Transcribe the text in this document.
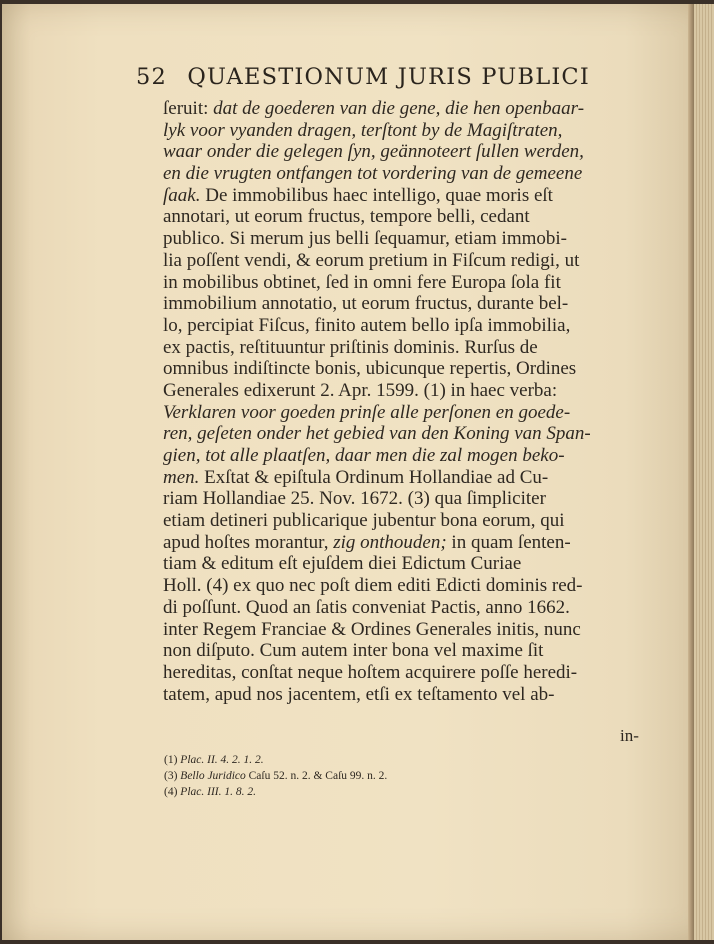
52 QUAESTIONUM JURIS PUBLICI
ſeruit: dat de goederen van die gene, die hen openbaar-
lyk voor vyanden dragen, terſtont by de Magiſtraten,
waar onder die gelegen ſyn, geännoteert ſullen werden,
en die vrugten ontfangen tot vordering van de gemeene
ſaak. De immobilibus haec intelligo, quae moris eſt
annotari, ut eorum fructus, tempore belli, cedant
publico. Si merum jus belli ſequamur, etiam immobi-
lia poſſent vendi, & eorum pretium in Fiſcum redigi, ut
in mobilibus obtinet, ſed in omni fere Europa ſola fit
immobilium annotatio, ut eorum fructus, durante bel-
lo, percipiat Fiſcus, finito autem bello ipſa immobilia,
ex pactis, reſtituuntur priſtinis dominis. Rurſus de
omnibus indiſtincte bonis, ubicunque repertis, Ordines
Generales edixerunt 2. Apr. 1599. (1) in haec verba:
Verklaren voor goeden prinſe alle perſonen en goede-
ren, geſeten onder het gebied van den Koning van Span-
gien, tot alle plaatſen, daar men die zal mogen beko-
men. Exſtat & epiſtula Ordinum Hollandiae ad Cu-
riam Hollandiae 25. Nov. 1672. (3) qua ſimpliciter
etiam detineri publicarique jubentur bona eorum, qui
apud hoſtes morantur, zig onthouden; in quam ſenten-
tiam & editum eſt ejuſdem diei Edictum Curiae
Holl. (4) ex quo nec poſt diem editi Edicti dominis red-
di poſſunt. Quod an ſatis conveniat Pactis, anno 1662.
inter Regem Franciae & Ordines Generales initis, nunc
non diſputo. Cum autem inter bona vel maxime ſit
hereditas, conſtat neque hoſtem acquirere poſſe heredi-
tatem, apud nos jacentem, etſi ex teſtamento vel ab-
in-
(1) Plac. II. 4. 2. 1. 2.
(3) Bello Juridico Caſu 52. n. 2. & Caſu 99. n. 2.
(4) Plac. III. 1. 8. 2.
